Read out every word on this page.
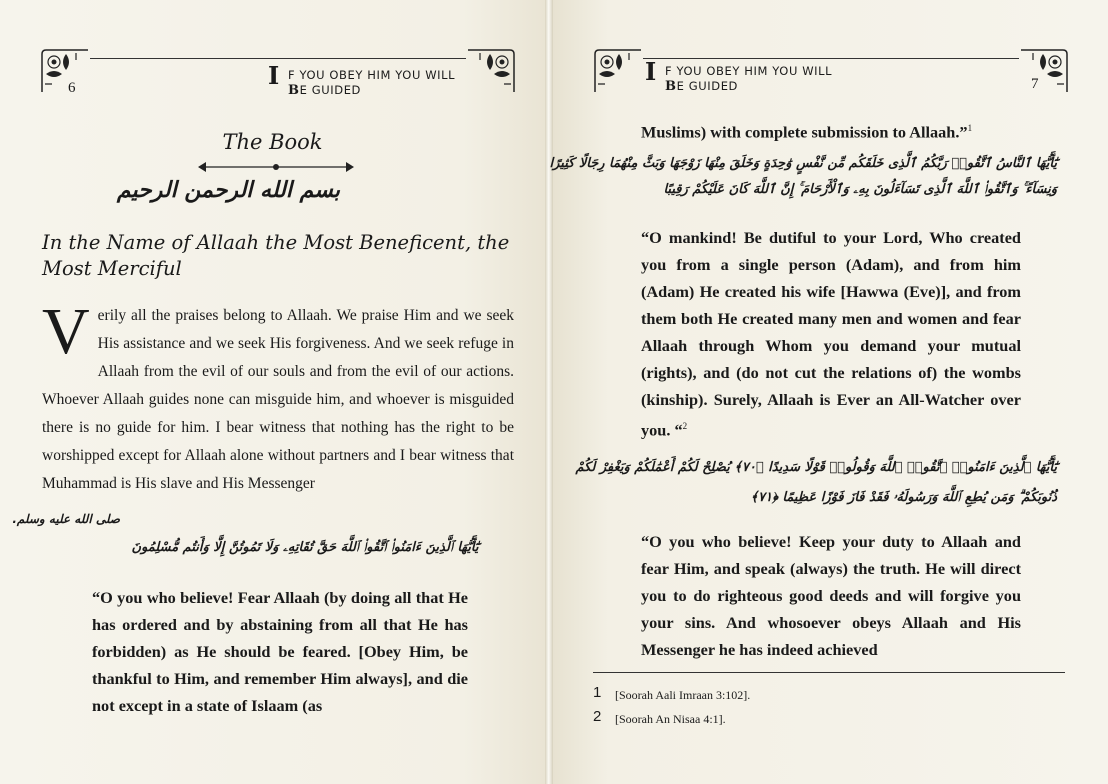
6	I F YOU OBEY HIM YOU WILL
BE GUIDED
The Book
بسم الله الرحمن الرحيم
In the Name of Allaah the Most Beneficent, the Most Merciful
Verily all the praises belong to Allaah. We praise Him and we seek His assistance and we seek His forgiveness. And we seek refuge in Allaah from the evil of our souls and from the evil of our actions. Whoever Allaah guides none can misguide him, and whoever is misguided there is no guide for him. I bear witness that nothing has the right to be worshipped except for Allaah alone without partners and I bear witness that Muhammad is His slave and His Messenger
صلى الله عليه وسلم.
يَٰٓأَيُّهَا ٱلَّذِينَ ءَامَنُوا۟ ٱتَّقُوا۟ ٱللَّهَ حَقَّ تُقَاتِهِۦ وَلَا تَمُوتُنَّ إِلَّا وَأَنتُم مُّسْلِمُونَ
“O you who believe! Fear Allaah (by doing all that He has ordered and by abstaining from all that He has forbidden) as He should be feared. [Obey Him, be thankful to Him, and remember Him always], and die not except in a state of Islaam (as
I F YOU OBEY HIM YOU WILL
BE GUIDED	7
Muslims) with complete submission to Allaah.”$^1$
يَٰٓأَيُّهَا ٱلنَّاسُ ٱتَّقُوا۟ رَبَّكُمُ ٱلَّذِى خَلَقَكُم مِّن نَّفْسٍ وَٰحِدَةٍ وَخَلَقَ مِنْهَا زَوْجَهَا وَبَثَّ مِنْهُمَا رِجَالًا كَثِيرًا
وَنِسَآءً ۚ وَٱتَّقُوا۟ ٱللَّهَ ٱلَّذِى تَسَآءَلُونَ بِهِۦ وَٱلْأَرْحَامَ ۚ إِنَّ ٱللَّهَ كَانَ عَلَيْكُمْ رَقِيبًا
“O mankind! Be dutiful to your Lord, Who created you from a single person (Adam), and from him (Adam) He created his wife [Hawwa (Eve)], and from them both He created many men and women and fear Allaah through Whom you demand your mutual (rights), and (do not cut the relations of) the wombs (kinship). Surely, Allaah is Ever an All-Watcher over you. “$^2$
يَٰٓأَيُّهَا ٱلَّذِينَ ءَامَنُوا۟ ٱتَّقُوا۟ ٱللَّهَ وَقُولُوا۟ قَوْلًا سَدِيدًا ﴿٧٠﴾ يُصْلِحْ لَكُمْ أَعْمَٰلَكُمْ وَيَغْفِرْ لَكُمْ
ذُنُوبَكُمْ ۗ وَمَن يُطِعِ ٱللَّهَ وَرَسُولَهُۥ فَقَدْ فَازَ فَوْزًا عَظِيمًا ﴿٧١﴾
“O you who believe! Keep your duty to Allaah and fear Him, and speak (always) the truth. He will direct you to do righteous good deeds and will forgive you your sins. And whosoever obeys Allaah and His Messenger he has indeed achieved
1 [Soorah Aali Imraan 3:102].
2 [Soorah An Nisaa 4:1].
